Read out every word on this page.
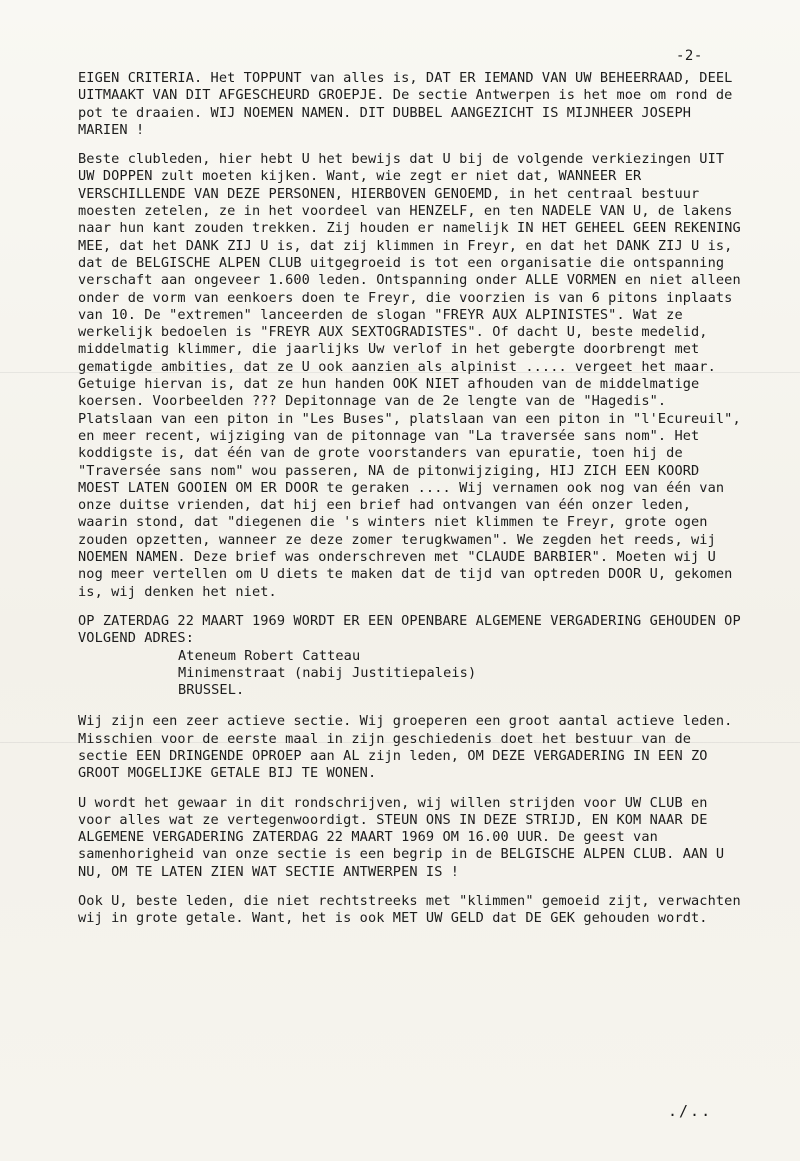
-2-

EIGEN CRITERIA. Het TOPPUNT van alles is, DAT ER IEMAND VAN UW BEHEERRAAD, DEEL UITMAAKT VAN DIT AFGESCHEURD GROEPJE. De sectie Antwerpen is het moe om rond de pot te draaien. WIJ NOEMEN NAMEN. DIT DUBBEL AANGEZICHT IS MIJNHEER JOSEPH MARIEN !

Beste clubleden, hier hebt U het bewijs dat U bij de volgende verkiezingen UIT UW DOPPEN zult moeten kijken. Want, wie zegt er niet dat, WANNEER ER VERSCHILLENDE VAN DEZE PERSONEN, HIERBOVEN GENOEMD, in het centraal bestuur moesten zetelen, ze in het voordeel van HENZELF, en ten NADELE VAN U, de lakens naar hun kant zouden trekken. Zij houden er namelijk IN HET GEHEEL GEEN REKENING MEE, dat het DANK ZIJ U is, dat zij klimmen in Freyr, en dat het DANK ZIJ U is, dat de BELGISCHE ALPEN CLUB uitgegroeid is tot een organisatie die ontspanning verschaft aan ongeveer 1.600 leden. Ontspanning onder ALLE VORMEN en niet alleen onder de vorm van eenkoers doen te Freyr, die voorzien is van 6 pitons inplaats van 10. De "extremen" lanceerden de slogan "FREYR AUX ALPINISTES". Wat ze werkelijk bedoelen is "FREYR AUX SEXTOGRADISTES". Of dacht U, beste medelid, middelmatig klimmer, die jaarlijks Uw verlof in het gebergte doorbrengt met gematigde ambities, dat ze U ook aanzien als alpinist ..... vergeet het maar. Getuige hiervan is, dat ze hun handen OOK NIET afhouden van de middelmatige koersen. Voorbeelden ??? Depitonnage van de 2e lengte van de "Hagedis". Platslaan van een piton in "Les Buses", platslaan van een piton in "l'Ecureuil", en meer recent, wijziging van de pitonnage van "La traversée sans nom". Het koddigste is, dat één van de grote voorstanders van epuratie, toen hij de "Traversée sans nom" wou passeren, NA de pitonwijziging, HIJ ZICH EEN KOORD MOEST LATEN GOOIEN OM ER DOOR te geraken .... Wij vernamen ook nog van één van onze duitse vrienden, dat hij een brief had ontvangen van één onzer leden, waarin stond, dat "diegenen die 's winters niet klimmen te Freyr, grote ogen zouden opzetten, wanneer ze deze zomer terugkwamen". We zegden het reeds, wij NOEMEN NAMEN. Deze brief was onderschreven met "CLAUDE BARBIER". Moeten wij U nog meer vertellen om U diets te maken dat de tijd van optreden DOOR U, gekomen is, wij denken het niet.

OP ZATERDAG 22 MAART 1969 WORDT ER EEN OPENBARE ALGEMENE VERGADERING GEHOUDEN OP VOLGEND ADRES:

Ateneum Robert Catteau
Minimenstraat (nabij Justitiepaleis)
BRUSSEL.

Wij zijn een zeer actieve sectie. Wij groeperen een groot aantal actieve leden. Misschien voor de eerste maal in zijn geschiedenis doet het bestuur van de sectie EEN DRINGENDE OPROEP aan AL zijn leden, OM DEZE VERGADERING IN EEN ZO GROOT MOGELIJKE GETALE BIJ TE WONEN.

U wordt het gewaar in dit rondschrijven, wij willen strijden voor UW CLUB en voor alles wat ze vertegenwoordigt. STEUN ONS IN DEZE STRIJD, EN KOM NAAR DE ALGEMENE VERGADERING ZATERDAG 22 MAART 1969 OM 16.00 UUR. De geest van samenhorigheid van onze sectie is een begrip in de BELGISCHE ALPEN CLUB. AAN U NU, OM TE LATEN ZIEN WAT SECTIE ANTWERPEN IS !

Ook U, beste leden, die niet rechtstreeks met "klimmen" gemoeid zijt, verwachten wij in grote getale. Want, het is ook MET UW GELD dat DE GEK gehouden wordt.

./..
